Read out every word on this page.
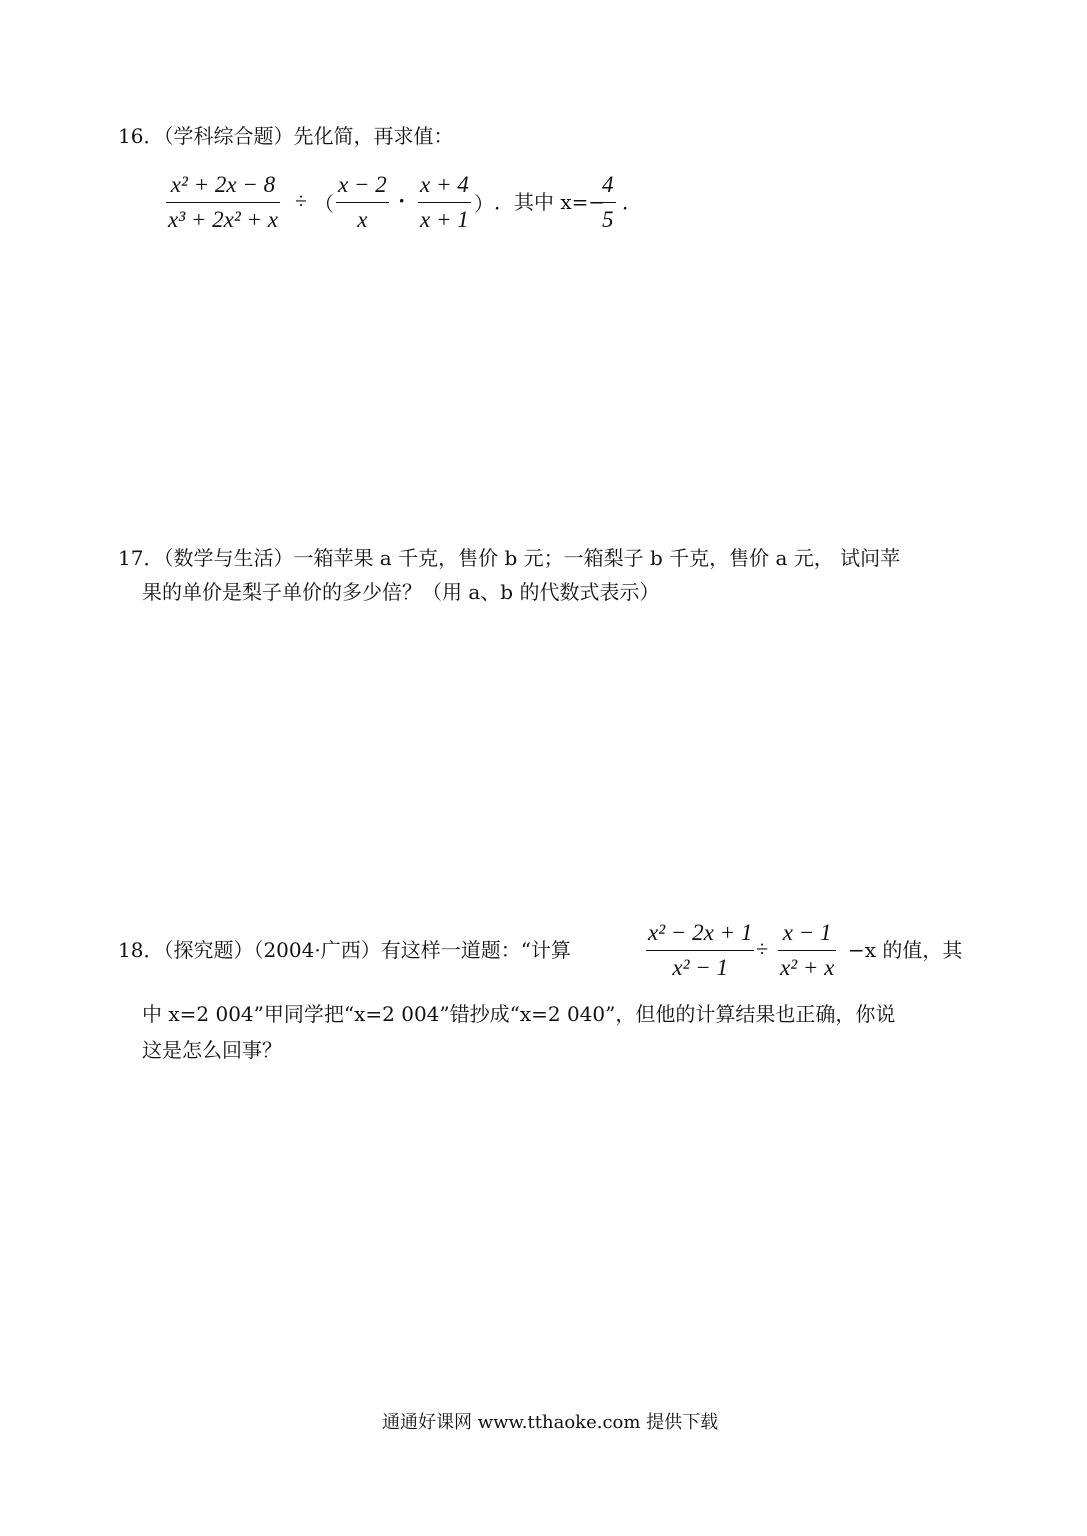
16．（学科综合题）先化简，再求值：
x² + 2x − 8
x³ + 2x² + x
÷ （
x − 2
x
·
x + 4
x + 1
） ．其中 x=−
4
5
．
17．（数学与生活）一箱苹果 a 千克，售价 b 元；一箱梨子 b 千克，售价 a 元， 试问苹
果的单价是梨子单价的多少倍？（用 a、b 的代数式表示）
18．（探究题）（2004·广西）有这样一道题：“计算
x² − 2x + 1
x² − 1
÷
x − 1
x² + x
−x 的值，其
中 x=2 004”甲同学把“x=2 004”错抄成“x=2 040”，但他的计算结果也正确，你说
这是怎么回事？
通通好课网 www.tthaoke.com 提供下载
